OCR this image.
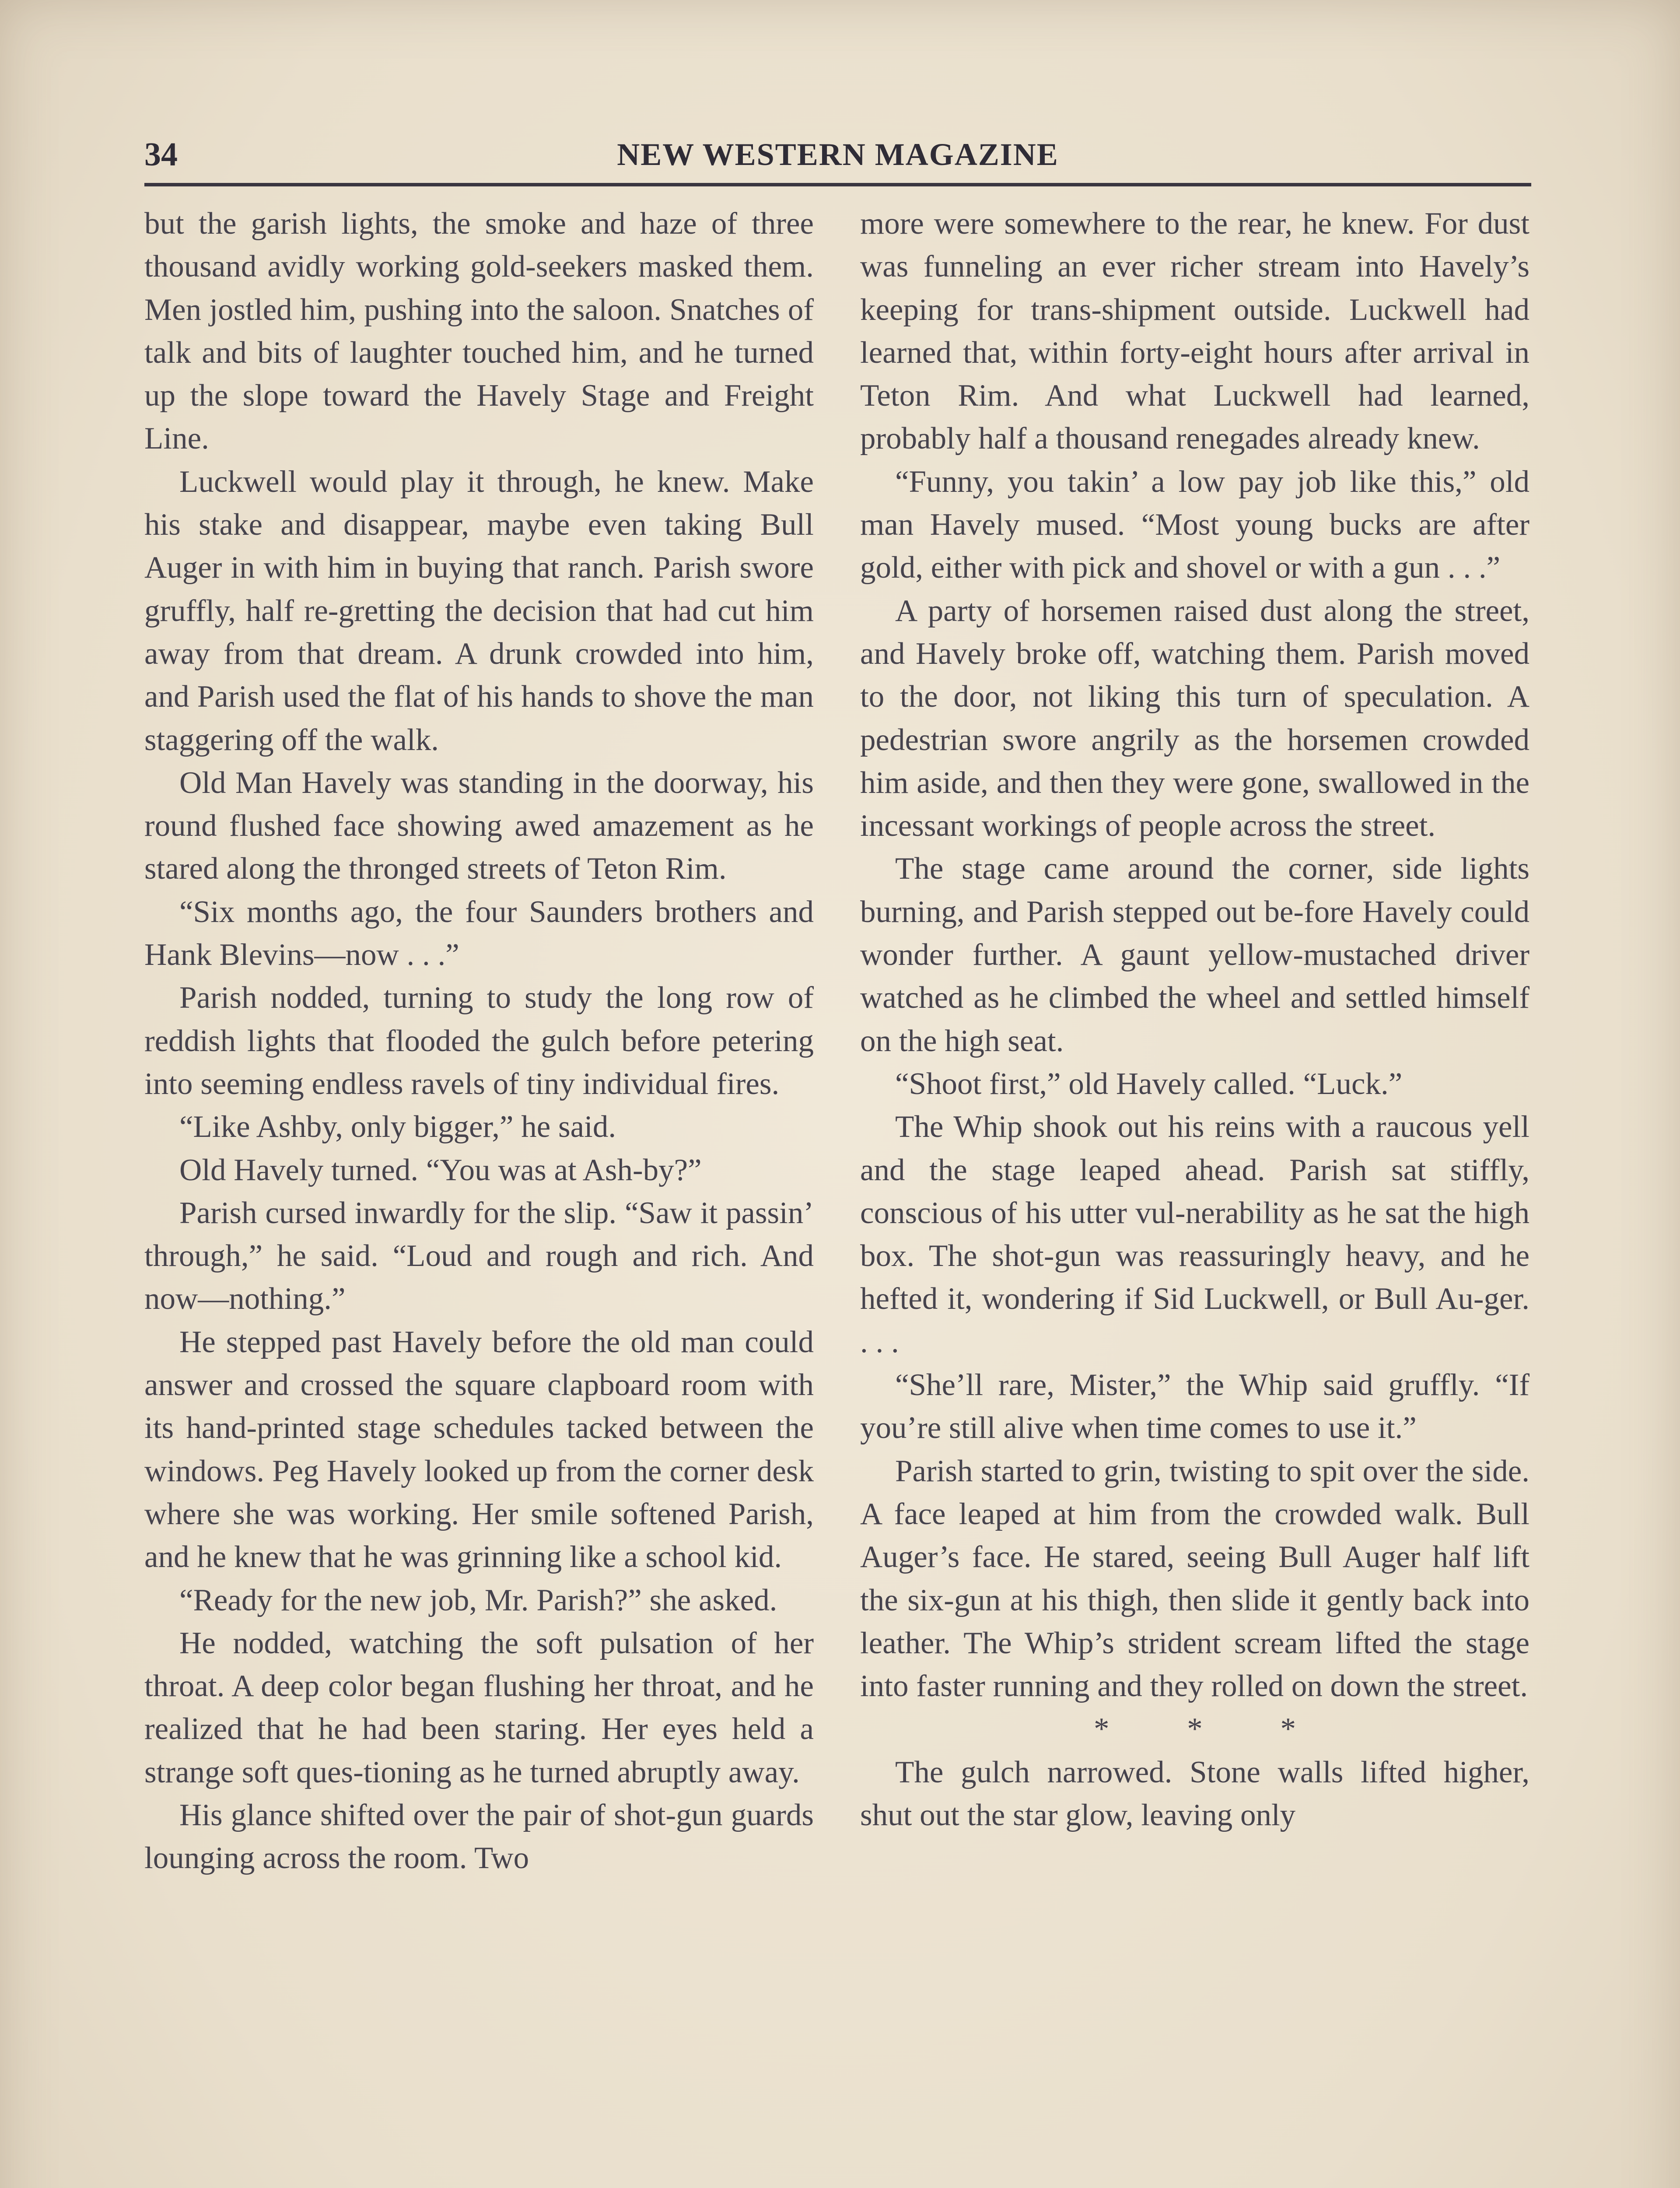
34	NEW WESTERN MAGAZINE

but the garish lights, the smoke and haze of three thousand avidly working gold-seekers masked them. Men jostled him, pushing into the saloon. Snatches of talk and bits of laughter touched him, and he turned up the slope toward the Havely Stage and Freight Line.

Luckwell would play it through, he knew. Make his stake and disappear, maybe even taking Bull Auger in with him in buying that ranch. Parish swore gruffly, half re-gretting the decision that had cut him away from that dream. A drunk crowded into him, and Parish used the flat of his hands to shove the man staggering off the walk.

Old Man Havely was standing in the doorway, his round flushed face showing awed amazement as he stared along the thronged streets of Teton Rim.

“Six months ago, the four Saunders brothers and Hank Blevins—now . . .”

Parish nodded, turning to study the long row of reddish lights that flooded the gulch before petering into seeming endless ravels of tiny individual fires.

“Like Ashby, only bigger,” he said.

Old Havely turned. “You was at Ash-by?”

Parish cursed inwardly for the slip. “Saw it passin’ through,” he said. “Loud and rough and rich. And now—nothing.”

He stepped past Havely before the old man could answer and crossed the square clapboard room with its hand-printed stage schedules tacked between the windows. Peg Havely looked up from the corner desk where she was working. Her smile softened Parish, and he knew that he was grinning like a school kid.

“Ready for the new job, Mr. Parish?” she asked.

He nodded, watching the soft pulsation of her throat. A deep color began flushing her throat, and he realized that he had been staring. Her eyes held a strange soft ques-tioning as he turned abruptly away.

His glance shifted over the pair of shot-gun guards lounging across the room. Two

more were somewhere to the rear, he knew. For dust was funneling an ever richer stream into Havely’s keeping for trans-shipment outside. Luckwell had learned that, within forty-eight hours after arrival in Teton Rim. And what Luckwell had learned, probably half a thousand renegades already knew.

“Funny, you takin’ a low pay job like this,” old man Havely mused. “Most young bucks are after gold, either with pick and shovel or with a gun . . .”

A party of horsemen raised dust along the street, and Havely broke off, watching them. Parish moved to the door, not liking this turn of speculation. A pedestrian swore angrily as the horsemen crowded him aside, and then they were gone, swallowed in the incessant workings of people across the street.

The stage came around the corner, side lights burning, and Parish stepped out be-fore Havely could wonder further. A gaunt yellow-mustached driver watched as he climbed the wheel and settled himself on the high seat.

“Shoot first,” old Havely called. “Luck.”

The Whip shook out his reins with a raucous yell and the stage leaped ahead. Parish sat stiffly, conscious of his utter vul-nerability as he sat the high box. The shot-gun was reassuringly heavy, and he hefted it, wondering if Sid Luckwell, or Bull Au-ger. . . .

“She’ll rare, Mister,” the Whip said gruffly. “If you’re still alive when time comes to use it.”

Parish started to grin, twisting to spit over the side. A face leaped at him from the crowded walk. Bull Auger’s face. He stared, seeing Bull Auger half lift the six-gun at his thigh, then slide it gently back into leather. The Whip’s strident scream lifted the stage into faster running and they rolled on down the street.

* * *

The gulch narrowed. Stone walls lifted higher, shut out the star glow, leaving only
